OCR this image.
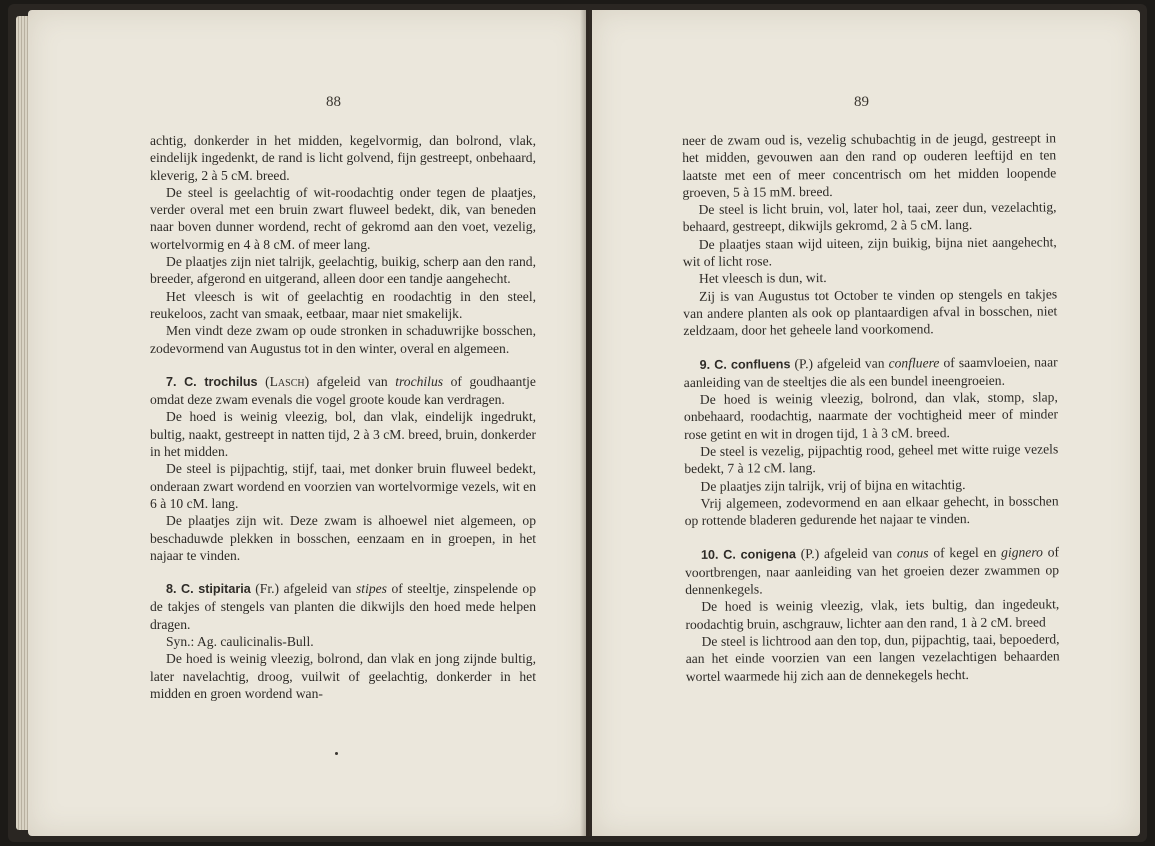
88

achtig, donkerder in het midden, kegelvormig, dan bolrond, vlak, eindelijk ingedenkt, de rand is licht golvend, fijn gestreept, onbehaard, kleverig, 2 à 5 cM. breed.

De steel is geelachtig of wit-roodachtig onder tegen de plaatjes, verder overal met een bruin zwart fluweel bedekt, dik, van beneden naar boven dunner wordend, recht of gekromd aan den voet, vezelig, wortelvormig en 4 à 8 cM. of meer lang.

De plaatjes zijn niet talrijk, geelachtig, buikig, scherp aan den rand, breeder, afgerond en uitgerand, alleen door een tandje aangehecht.

Het vleesch is wit of geelachtig en roodachtig in den steel, reukeloos, zacht van smaak, eetbaar, maar niet smakelijk.

Men vindt deze zwam op oude stronken in schaduwrijke bosschen, zodevormend van Augustus tot in den winter, overal en algemeen.

7. C. trochilus (Lasch) afgeleid van trochilus of goudhaantje omdat deze zwam evenals die vogel groote koude kan verdragen.

De hoed is weinig vleezig, bol, dan vlak, eindelijk ingedrukt, bultig, naakt, gestreept in natten tijd, 2 à 3 cM. breed, bruin, donkerder in het midden.

De steel is pijpachtig, stijf, taai, met donker bruin fluweel bedekt, onderaan zwart wordend en voorzien van wortelvormige vezels, wit en 6 à 10 cM. lang.

De plaatjes zijn wit. Deze zwam is alhoewel niet algemeen, op beschaduwde plekken in bosschen, eenzaam en in groepen, in het najaar te vinden.

8. C. stipitaria (Fr.) afgeleid van stipes of steeltje, zinspelende op de takjes of stengels van planten die dikwijls den hoed mede helpen dragen.

Syn.: Ag. caulicinalis-Bull.

De hoed is weinig vleezig, bolrond, dan vlak en jong zijnde bultig, later navelachtig, droog, vuilwit of geelachtig, donkerder in het midden en groen wordend wan-

89

neer de zwam oud is, vezelig schubachtig in de jeugd, gestreept in het midden, gevouwen aan den rand op ouderen leeftijd en ten laatste met een of meer concentrisch om het midden loopende groeven, 5 à 15 mM. breed.

De steel is licht bruin, vol, later hol, taai, zeer dun, vezelachtig, behaard, gestreept, dikwijls gekromd, 2 à 5 cM. lang.

De plaatjes staan wijd uiteen, zijn buikig, bijna niet aangehecht, wit of licht rose.

Het vleesch is dun, wit.

Zij is van Augustus tot October te vinden op stengels en takjes van andere planten als ook op plantaardigen afval in bosschen, niet zeldzaam, door het geheele land voorkomend.

9. C. confluens (P.) afgeleid van confluere of saamvloeien, naar aanleiding van de steeltjes die als een bundel ineengroeien.

De hoed is weinig vleezig, bolrond, dan vlak, stomp, slap, onbehaard, roodachtig, naarmate der vochtigheid meer of minder rose getint en wit in drogen tijd, 1 à 3 cM. breed.

De steel is vezelig, pijpachtig rood, geheel met witte ruige vezels bedekt, 7 à 12 cM. lang.

De plaatjes zijn talrijk, vrij of bijna en witachtig.

Vrij algemeen, zodevormend en aan elkaar gehecht, in bosschen op rottende bladeren gedurende het najaar te vinden.

10. C. conigena (P.) afgeleid van conus of kegel en gignero of voortbrengen, naar aanleiding van het groeien dezer zwammen op dennenkegels.

De hoed is weinig vleezig, vlak, iets bultig, dan ingedeukt, roodachtig bruin, aschgrauw, lichter aan den rand, 1 à 2 cM. breed

De steel is lichtrood aan den top, dun, pijpachtig, taai, bepoederd, aan het einde voorzien van een langen vezelachtigen behaarden wortel waarmede hij zich aan de dennekegels hecht.
